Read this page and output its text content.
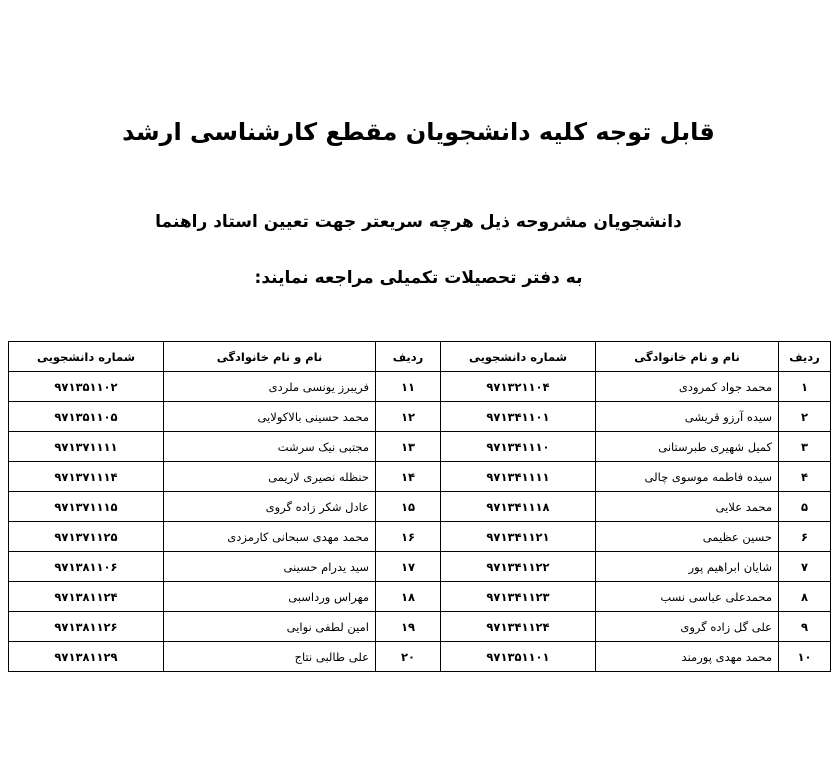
قابل توجه کلیه دانشجویان مقطع کارشناسی ارشد
دانشجویان مشروحه ذیل هرچه سریعتر جهت تعیین استاد راهنما
به دفتر تحصیلات تکمیلی مراجعه نمایند:
ردیف	نام و نام خانوادگی	شماره دانشجویی	ردیف	نام و نام خانوادگی	شماره دانشجویی
۱	محمد جواد کمرودی	۹۷۱۳۲۱۱۰۴	۱۱	فریبرز یونسی ملردی	۹۷۱۳۵۱۱۰۲
۲	سیده آرزو قریشی	۹۷۱۳۴۱۱۰۱	۱۲	محمد حسینی بالاکولایی	۹۷۱۳۵۱۱۰۵
۳	کمیل شهیری طبرستانی	۹۷۱۳۴۱۱۱۰	۱۳	مجتبی نیک سرشت	۹۷۱۳۷۱۱۱۱
۴	سیده فاطمه موسوی چالی	۹۷۱۳۴۱۱۱۱	۱۴	حنظله نصیری لاریمی	۹۷۱۳۷۱۱۱۴
۵	محمد علایی	۹۷۱۳۴۱۱۱۸	۱۵	عادل شکر زاده گروی	۹۷۱۳۷۱۱۱۵
۶	حسین عظیمی	۹۷۱۳۴۱۱۲۱	۱۶	محمد مهدی سبحانی کارمزدی	۹۷۱۳۷۱۱۲۵
۷	شایان ابراهیم پور	۹۷۱۳۴۱۱۲۲	۱۷	سید یدرام حسینی	۹۷۱۳۸۱۱۰۶
۸	محمدعلی عباسی نسب	۹۷۱۳۴۱۱۲۳	۱۸	مهراس ورداسبی	۹۷۱۳۸۱۱۲۴
۹	علی گل زاده گروی	۹۷۱۳۴۱۱۲۴	۱۹	امین لطفی نوایی	۹۷۱۳۸۱۱۲۶
۱۰	محمد مهدی پورمند	۹۷۱۳۵۱۱۰۱	۲۰	علی طالبی نتاج	۹۷۱۳۸۱۱۲۹
